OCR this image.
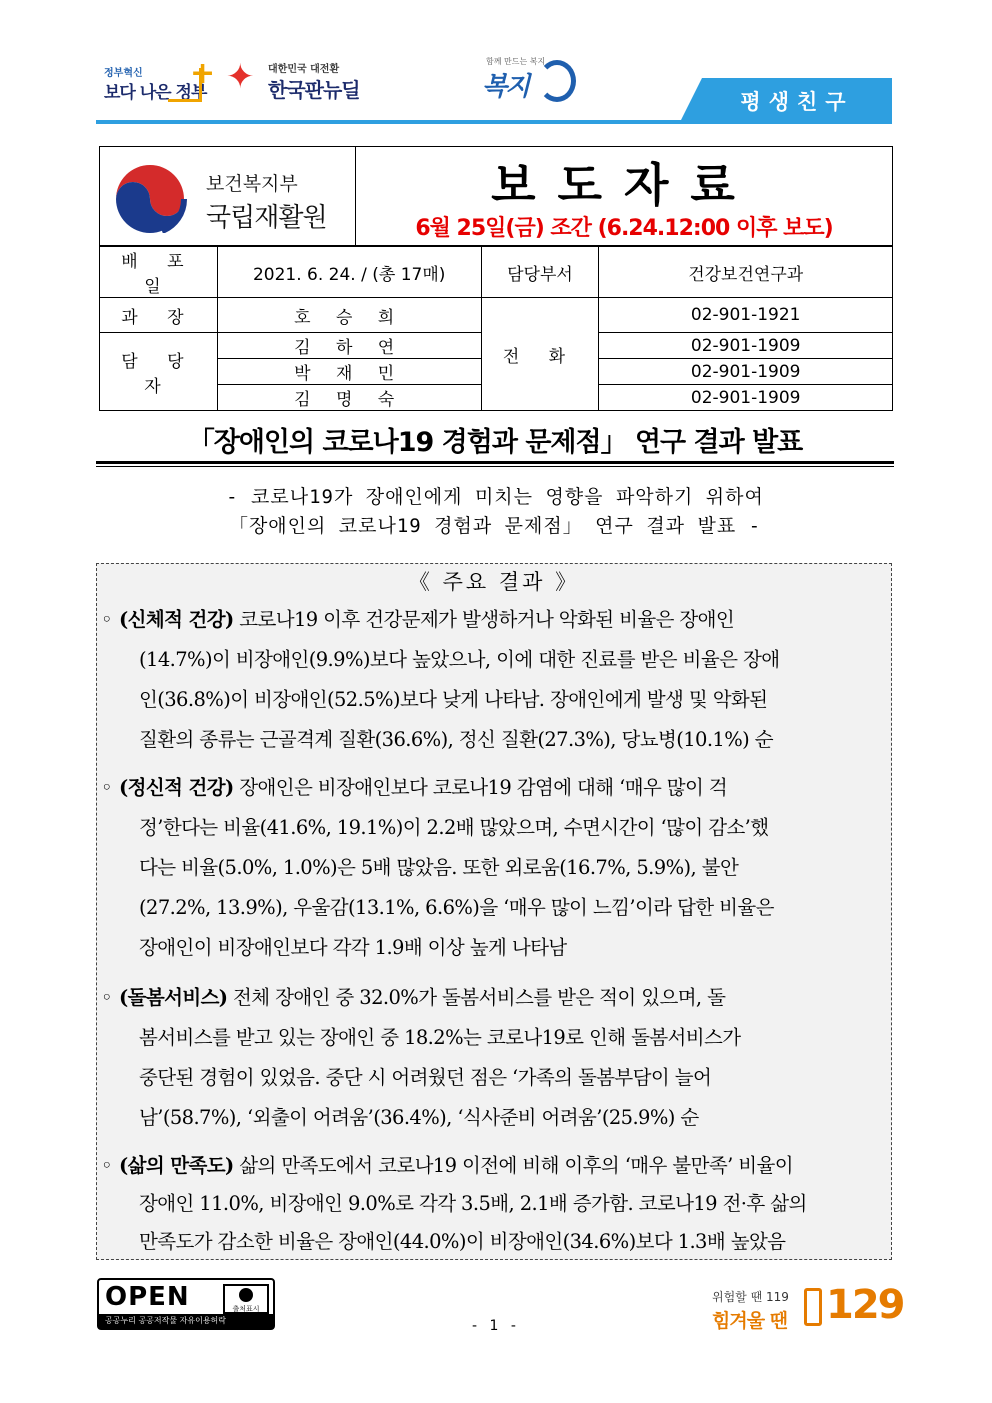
정부혁신
보다 나은 정부
+ ✦ 대한민국 대전환
한국판뉴딜
함께 만드는 복지
복지	평생친구
보건복지부
국립재활원
보도자료
6월 25일(금) 조간 (6.24.12:00 이후 보도)
배 포 일	2021. 6. 24. / (총 17매)	담당부서	건강보건연구과
과 장	호 승 희	전 화	02-901-1921
담 당 자	김 하 연		02-901-1909
	박 재 민		02-901-1909
	김 명 숙		02-901-1909
「장애인의 코로나19 경험과 문제점」 연구 결과 발표
- 코로나19가 장애인에게 미치는 영향을 파악하기 위하여
「장애인의 코로나19 경험과 문제점」 연구 결과 발표 -
《 주요 결과 》
◦ (신체적 건강) 코로나19 이후 건강문제가 발생하거나 악화된 비율은 장애인
(14.7%)이 비장애인(9.9%)보다 높았으나, 이에 대한 진료를 받은 비율은 장애
인(36.8%)이 비장애인(52.5%)보다 낮게 나타남. 장애인에게 발생 및 악화된
질환의 종류는 근골격계 질환(36.6%), 정신 질환(27.3%), 당뇨병(10.1%) 순
◦ (정신적 건강) 장애인은 비장애인보다 코로나19 감염에 대해 ‘매우 많이 걱
정’한다는 비율(41.6%, 19.1%)이 2.2배 많았으며, 수면시간이 ‘많이 감소’했
다는 비율(5.0%, 1.0%)은 5배 많았음. 또한 외로움(16.7%, 5.9%), 불안
(27.2%, 13.9%), 우울감(13.1%, 6.6%)을 ‘매우 많이 느낌’이라 답한 비율은
장애인이 비장애인보다 각각 1.9배 이상 높게 나타남
◦ (돌봄서비스) 전체 장애인 중 32.0%가 돌봄서비스를 받은 적이 있으며, 돌
봄서비스를 받고 있는 장애인 중 18.2%는 코로나19로 인해 돌봄서비스가
중단된 경험이 있었음. 중단 시 어려웠던 점은 ‘가족의 돌봄부담이 늘어
남’(58.7%), ‘외출이 어려움’(36.4%), ‘식사준비 어려움’(25.9%) 순
◦ (삶의 만족도) 삶의 만족도에서 코로나19 이전에 비해 이후의 ‘매우 불만족’ 비율이
장애인 11.0%, 비장애인 9.0%로 각각 3.5배, 2.1배 증가함. 코로나19 전·후 삶의
만족도가 감소한 비율은 장애인(44.0%)이 비장애인(34.6%)보다 1.3배 높았음
OPEN	출처표시
공공누리 공공저작물 자유이용허락	- 1 -
위험할 땐 119
힘겨울 땐 129
